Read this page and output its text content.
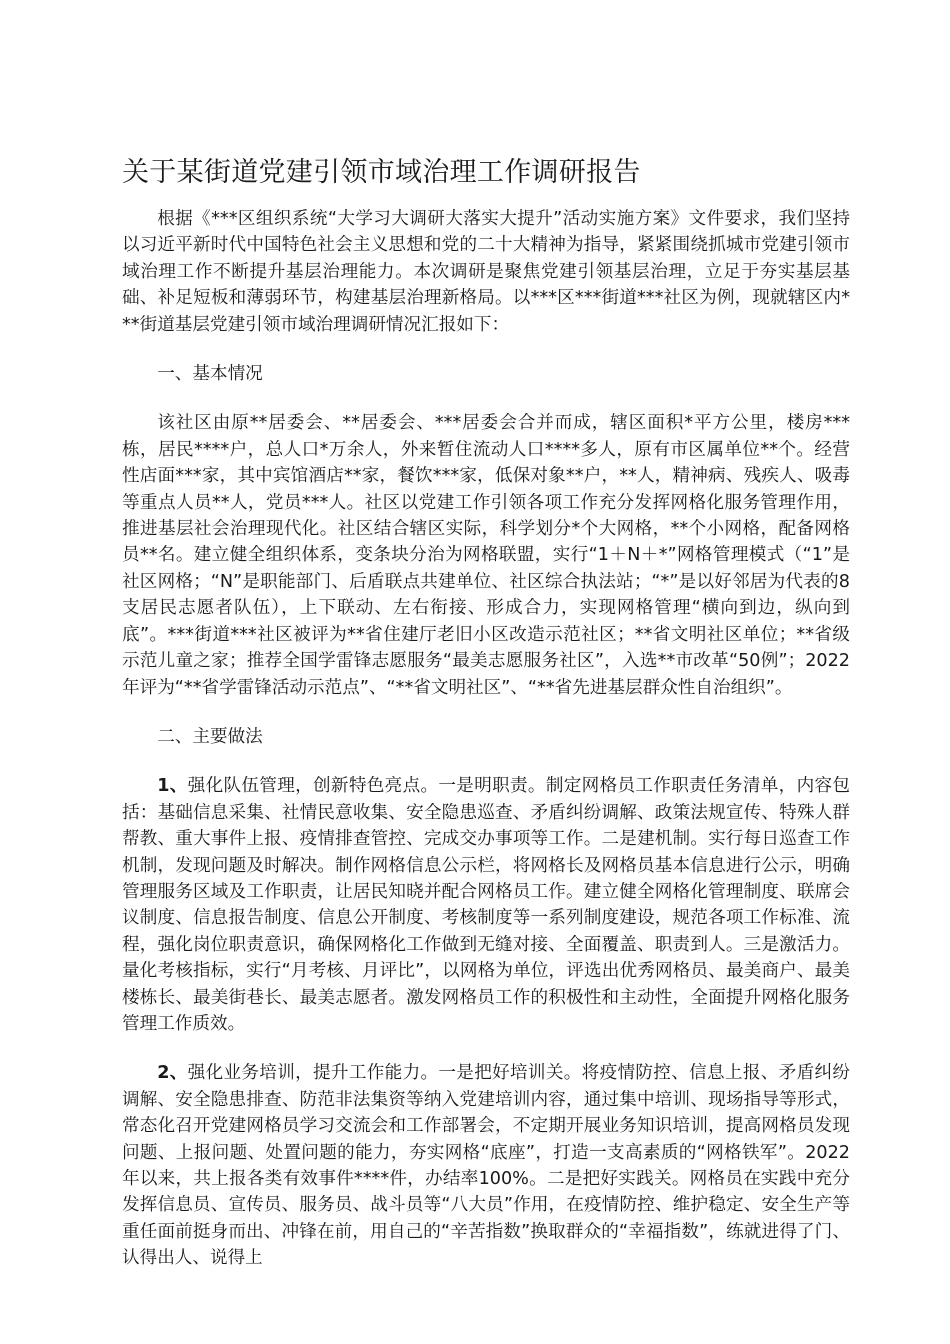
关于某街道党建引领市域治理工作调研报告

根据《***区组织系统“大学习大调研大落实大提升”活动实施方案》文件要求，我们坚持以习近平新时代中国特色社会主义思想和党的二十大精神为指导，紧紧围绕抓城市党建引领市域治理工作不断提升基层治理能力。本次调研是聚焦党建引领基层治理，立足于夯实基层基础、补足短板和薄弱环节，构建基层治理新格局。以***区***街道***社区为例，现就辖区内***街道基层党建引领市域治理调研情况汇报如下：

一、基本情况

该社区由原**居委会、**居委会、***居委会合并而成，辖区面积*平方公里，楼房***栋，居民****户，总人口*万余人，外来暂住流动人口****多人，原有市区属单位**个。经营性店面***家，其中宾馆酒店**家，餐饮***家，低保对象**户，**人，精神病、残疾人、吸毒等重点人员**人，党员***人。社区以党建工作引领各项工作充分发挥网格化服务管理作用，推进基层社会治理现代化。社区结合辖区实际，科学划分*个大网格，**个小网格，配备网格员**名。建立健全组织体系，变条块分治为网格联盟，实行“1＋N＋*”网格管理模式（“1”是社区网格；“N”是职能部门、后盾联点共建单位、社区综合执法站；“*”是以好邻居为代表的8支居民志愿者队伍），上下联动、左右衔接、形成合力，实现网格管理“横向到边，纵向到底”。***街道***社区被评为**省住建厅老旧小区改造示范社区；**省文明社区单位；**省级示范儿童之家；推荐全国学雷锋志愿服务“最美志愿服务社区”，入选**市改革“50例”；2022年评为“**省学雷锋活动示范点”、“**省文明社区”、“**省先进基层群众性自治组织”。

二、主要做法

1、强化队伍管理，创新特色亮点。一是明职责。制定网格员工作职责任务清单，内容包括：基础信息采集、社情民意收集、安全隐患巡查、矛盾纠纷调解、政策法规宣传、特殊人群帮教、重大事件上报、疫情排查管控、完成交办事项等工作。二是建机制。实行每日巡查工作机制，发现问题及时解决。制作网格信息公示栏，将网格长及网格员基本信息进行公示，明确管理服务区域及工作职责，让居民知晓并配合网格员工作。建立健全网格化管理制度、联席会议制度、信息报告制度、信息公开制度、考核制度等一系列制度建设，规范各项工作标准、流程，强化岗位职责意识，确保网格化工作做到无缝对接、全面覆盖、职责到人。三是激活力。量化考核指标，实行“月考核、月评比”，以网格为单位，评选出优秀网格员、最美商户、最美楼栋长、最美街巷长、最美志愿者。激发网格员工作的积极性和主动性，全面提升网格化服务管理工作质效。

2、强化业务培训，提升工作能力。一是把好培训关。将疫情防控、信息上报、矛盾纠纷调解、安全隐患排查、防范非法集资等纳入党建培训内容，通过集中培训、现场指导等形式，常态化召开党建网格员学习交流会和工作部署会，不定期开展业务知识培训，提高网格员发现问题、上报问题、处置问题的能力，夯实网格“底座”，打造一支高素质的“网格铁军”。2022年以来，共上报各类有效事件****件，办结率100%。二是把好实践关。网格员在实践中充分发挥信息员、宣传员、服务员、战斗员等“八大员”作用，在疫情防控、维护稳定、安全生产等重任面前挺身而出、冲锋在前，用自己的“辛苦指数”换取群众的“幸福指数”，练就进得了门、认得出人、说得上
